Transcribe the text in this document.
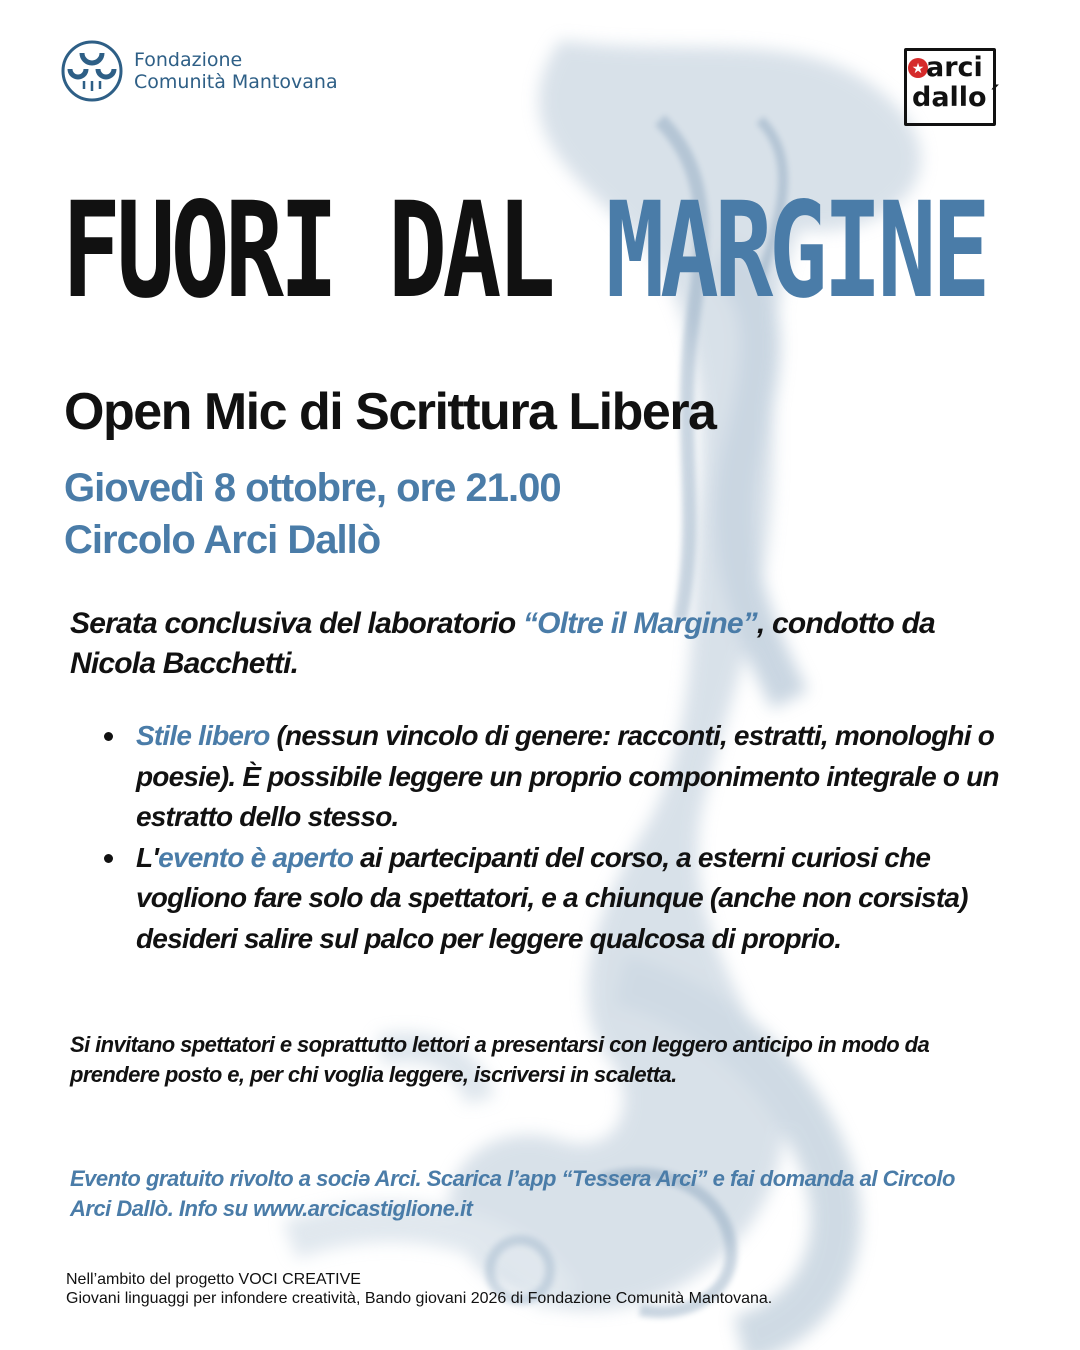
Fondazione
Comunità Mantovana
★ arci
dallo´
FUORI DAL MARGINE
Open Mic di Scrittura Libera
Giovedì 8 ottobre, ore 21.00
Circolo Arci Dallò
Serata conclusiva del laboratorio “Oltre il Margine”, condotto da Nicola Bacchetti.
Stile libero (nessun vincolo di genere: racconti, estratti, monologhi o poesie). È possibile leggere un proprio componimento integrale o un estratto dello stesso.
L'evento è aperto ai partecipanti del corso, a esterni curiosi che vogliono fare solo da spettatori, e a chiunque (anche non corsista) desideri salire sul palco per leggere qualcosa di proprio.
Si invitano spettatori e soprattutto lettori a presentarsi con leggero anticipo in modo da prendere posto e, per chi voglia leggere, iscriversi in scaletta.
Evento gratuito rivolto a sociə Arci. Scarica l’app “Tessera Arci” e fai domanda al Circolo Arci Dallò. Info su www.arcicastiglione.it
Nell’ambito del progetto VOCI CREATIVE
Giovani linguaggi per infondere creatività, Bando giovani 2026 di Fondazione Comunità Mantovana.
